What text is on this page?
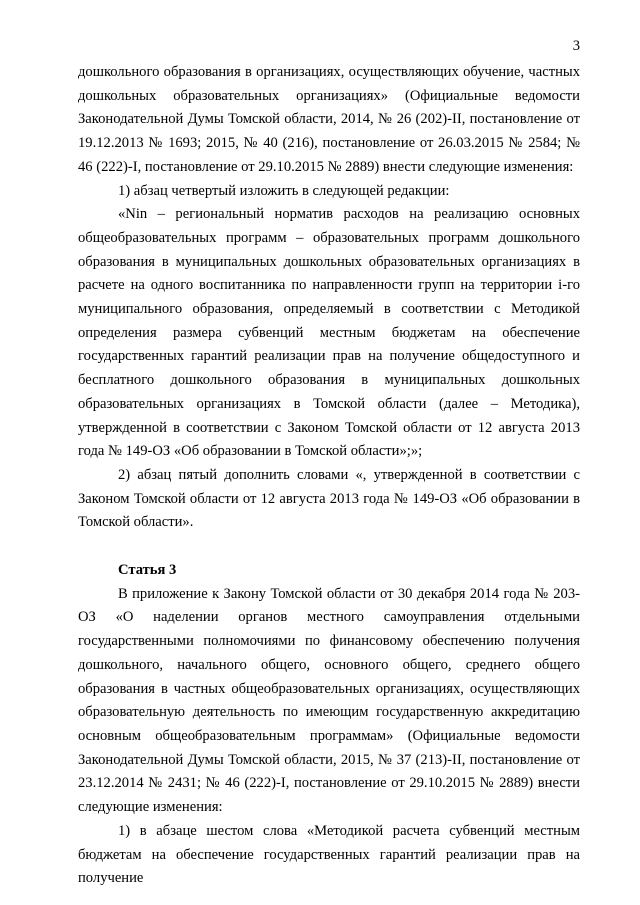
3

дошкольного образования в организациях, осуществляющих обучение, частных дошкольных образовательных организациях» (Официальные ведомости Законодательной Думы Томской области, 2014, № 26 (202)-II, постановление от 19.12.2013 № 1693; 2015, № 40 (216), постановление от 26.03.2015 № 2584; № 46 (222)-I, постановление от 29.10.2015 № 2889) внести следующие изменения:

1) абзац четвертый изложить в следующей редакции:

«Nin – региональный норматив расходов на реализацию основных общеобразовательных программ – образовательных программ дошкольного образования в муниципальных дошкольных образовательных организациях в расчете на одного воспитанника по направленности групп на территории i-го муниципального образования, определяемый в соответствии с Методикой определения размера субвенций местным бюджетам на обеспечение государственных гарантий реализации прав на получение общедоступного и бесплатного дошкольного образования в муниципальных дошкольных образовательных организациях в Томской области (далее – Методика), утвержденной в соответствии с Законом Томской области от 12 августа 2013 года № 149-ОЗ «Об образовании в Томской области»;»;

2) абзац пятый дополнить словами «, утвержденной в соответствии с Законом Томской области от 12 августа 2013 года № 149-ОЗ «Об образовании в Томской области».

Статья 3

В приложение к Закону Томской области от 30 декабря 2014 года № 203-ОЗ «О наделении органов местного самоуправления отдельными государственными полномочиями по финансовому обеспечению получения дошкольного, начального общего, основного общего, среднего общего образования в частных общеобразовательных организациях, осуществляющих образовательную деятельность по имеющим государственную аккредитацию основным общеобразовательным программам» (Официальные ведомости Законодательной Думы Томской области, 2015, № 37 (213)-II, постановление от 23.12.2014 № 2431; № 46 (222)-I, постановление от 29.10.2015 № 2889) внести следующие изменения:

1) в абзаце шестом слова «Методикой расчета субвенций местным бюджетам на обеспечение государственных гарантий реализации прав на получение
